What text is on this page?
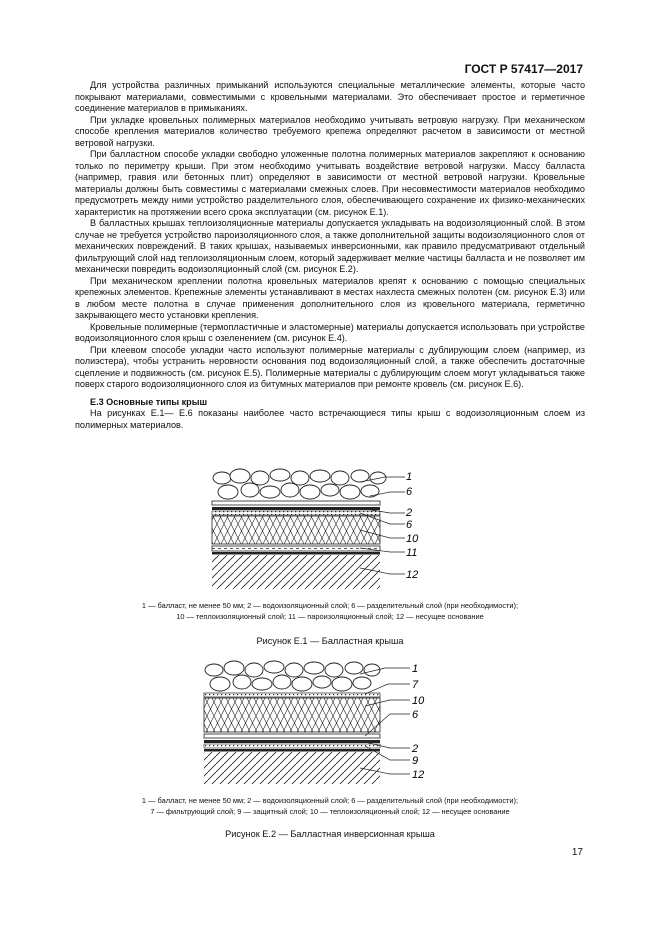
ГОСТ Р 57417—2017

Для устройства различных примыканий используются специальные металлические элементы, которые часто покрывают материалами, совместимыми с кровельными материалами. Это обеспечивает простое и герметичное соединение материалов в примыканиях.

При укладке кровельных полимерных материалов необходимо учитывать ветровую нагрузку. При механическом способе крепления материалов количество требуемого крепежа определяют расчетом в зависимости от местной ветровой нагрузки.

При балластном способе укладки свободно уложенные полотна полимерных материалов закрепляют к основанию только по периметру крыши. При этом необходимо учитывать воздействие ветровой нагрузки. Массу балласта (например, гравия или бетонных плит) определяют в зависимости от местной ветровой нагрузки. Кровельные материалы должны быть совместимы с материалами смежных слоев. При несовместимости материалов необходимо предусмотреть между ними устройство разделительного слоя, обеспечивающего сохранение их физико-механических характеристик на протяжении всего срока эксплуатации (см. рисунок Е.1).

В балластных крышах теплоизоляционные материалы допускается укладывать на водоизоляционный слой. В этом случае не требуется устройство пароизоляционного слоя, а также дополнительной защиты водоизоляционного слоя от механических повреждений. В таких крышах, называемых инверсионными, как правило предусматривают отдельный фильтрующий слой над теплоизоляционным слоем, который задерживает мелкие частицы балласта и не позволяет им механически повредить водоизоляционный слой (см. рисунок Е.2).

При механическом креплении полотна кровельных материалов крепят к основанию с помощью специальных крепежных элементов. Крепежные элементы устанавливают в местах нахлеста смежных полотен (см. рисунок Е.3) или в любом месте полотна в случае применения дополнительного слоя из кровельного материала, герметично закрывающего место установки крепления.

Кровельные полимерные (термопластичные и эластомерные) материалы допускается использовать при устройстве водоизоляционного слоя крыш с озеленением (см. рисунок Е.4).

При клеевом способе укладки часто используют полимерные материалы с дублирующим слоем (например, из полиэстера), чтобы устранить неровности основания под водоизоляционный слой, а также обеспечить достаточные сцепление и подвижность (см. рисунок Е.5). Полимерные материалы с дублирующим слоем могут укладываться также поверх старого водоизоляционного слоя из битумных материалов при ремонте кровель (см. рисунок Е.6).

Е.3 Основные типы крыш

На рисунках Е.1— Е.6 показаны наиболее часто встречающиеся типы крыш с водоизоляционным слоем из полимерных материалов.

1
6
2
6
10
11
12
1 — балласт, не менее 50 мм; 2 — водоизоляционный слой; 6 — разделительный слой (при необходимости);
10 — теплоизоляционный слой; 11 — пароизоляционный слой; 12 — несущее основание
Рисунок Е.1 — Балластная крыша
1
7
10
6
2
9
12
1 — балласт, не менее 50 мм; 2 — водоизоляционный слой; 6 — разделительный слой (при необходимости);
7 — фильтрующий слой; 9 — защитный слой; 10 — теплоизоляционный слой; 12 — несущее основание
Рисунок Е.2 — Балластная инверсионная крыша
17
